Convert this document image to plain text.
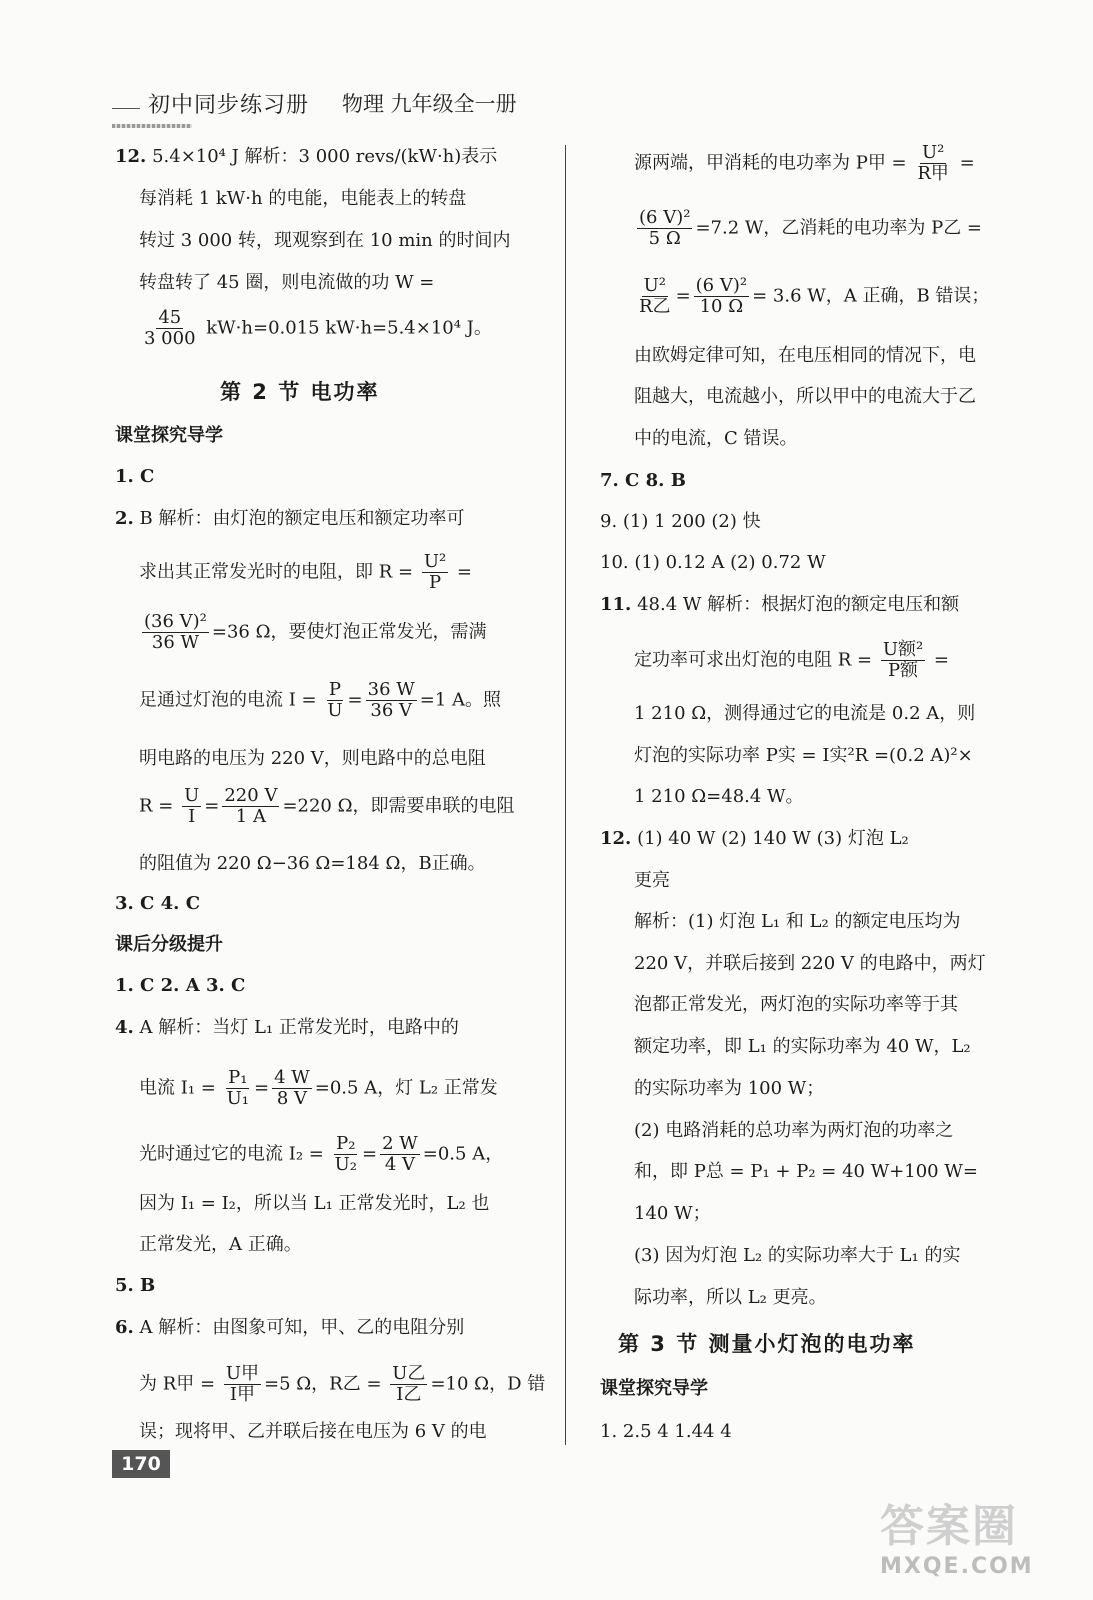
初中同步练习册 物理 九年级全一册
12. 5.4×10⁴ J 解析：3 000 revs/(kW·h)表示
每消耗 1 kW·h 的电能，电能表上的转盘
转过 3 000 转，现观察到在 10 min 的时间内
转盘转了 45 圈，则电流做的功 W =
$\frac{45}{3 000} kW\cdot h=0.015$ kW·h=5.4×10⁴ J。
第 2 节 电功率
课堂探究导学
1. C
2. B 解析：由灯泡的额定电压和额定功率可
求出其正常发光时的电阻，即 $R = \frac{\text{U²}}{P}$ =
$\frac{\text{(36 V)²}}{36 W} =36$ Ω，要使灯泡正常发光，需满
足通过灯泡的电流 $I = \frac{P}{U} = \frac{36 W}{36 V} =1$ A。照
明电路的电压为 220 V，则电路中的总电阻
$R = \frac{U}{I} = \frac{220 V}{1 A} =220$ Ω，即需要串联的电阻
的阻值为 220 Ω−36 Ω=184 Ω，B正确。
3. C 4. C
课后分级提升
1. C 2. A 3. C
4. A 解析：当灯 L₁ 正常发光时，电路中的
电流 $I_1 = \frac{\text{P₁}}{\text{U₁}} = \frac{4 W}{8 V} =0.5$ A，灯 L₂ 正常发
光时通过它的电流 $I_2 = \frac{\text{P₂}}{\text{U₂}} = \frac{2 W}{4 V} =0.5$ A，
因为 I₁ = I₂，所以当 L₁ 正常发光时，L₂ 也
正常发光，A 正确。
5. B
6. A 解析：由图象可知，甲、乙的电阻分别
为 R甲 = $\frac{\text{U甲}}{\text{I甲}} =5$ Ω，R乙 = $\frac{\text{U乙}}{\text{I乙}} =10$ Ω，D 错
误；现将甲、乙并联后接在电压为 6 V 的电
源两端，甲消耗的电功率为 P甲 = $\frac{\text{U²}}{\text{R甲}}$ =
$\frac{\text{(6 V)²}}{5 \Omega} =7.2$ W，乙消耗的电功率为 P乙 =
$\frac{\text{U²}}{\text{R乙}} = \frac{\text{(6 V)²}}{10 \Omega} = 3.6$ W，A 正确，B 错误；
由欧姆定律可知，在电压相同的情况下，电
阻越大，电流越小，所以甲中的电流大于乙
中的电流，C 错误。
7. C 8. B
9. (1) 1 200 (2) 快
10. (1) 0.12 A (2) 0.72 W
11. 48.4 W 解析：根据灯泡的额定电压和额
定功率可求出灯泡的电阻 $R = \frac{\text{U额²}}{\text{P额}}$ =
1 210 Ω，测得通过它的电流是 0.2 A，则
灯泡的实际功率 P实 = I实²R =(0.2 A)²×
1 210 Ω=48.4 W。
12. (1) 40 W (2) 140 W (3) 灯泡 L₂
更亮
解析：(1) 灯泡 L₁ 和 L₂ 的额定电压均为
220 V，并联后接到 220 V 的电路中，两灯
泡都正常发光，两灯泡的实际功率等于其
额定功率，即 L₁ 的实际功率为 40 W，L₂
的实际功率为 100 W；
(2) 电路消耗的总功率为两灯泡的功率之
和，即 P总 = P₁ + P₂ = 40 W+100 W=
140 W；
(3) 因为灯泡 L₂ 的实际功率大于 L₁ 的实
际功率，所以 L₂ 更亮。
第 3 节 测量小灯泡的电功率
课堂探究导学
1. 2.5 4 1.44 4
170
答案圈
MXQE.COM
